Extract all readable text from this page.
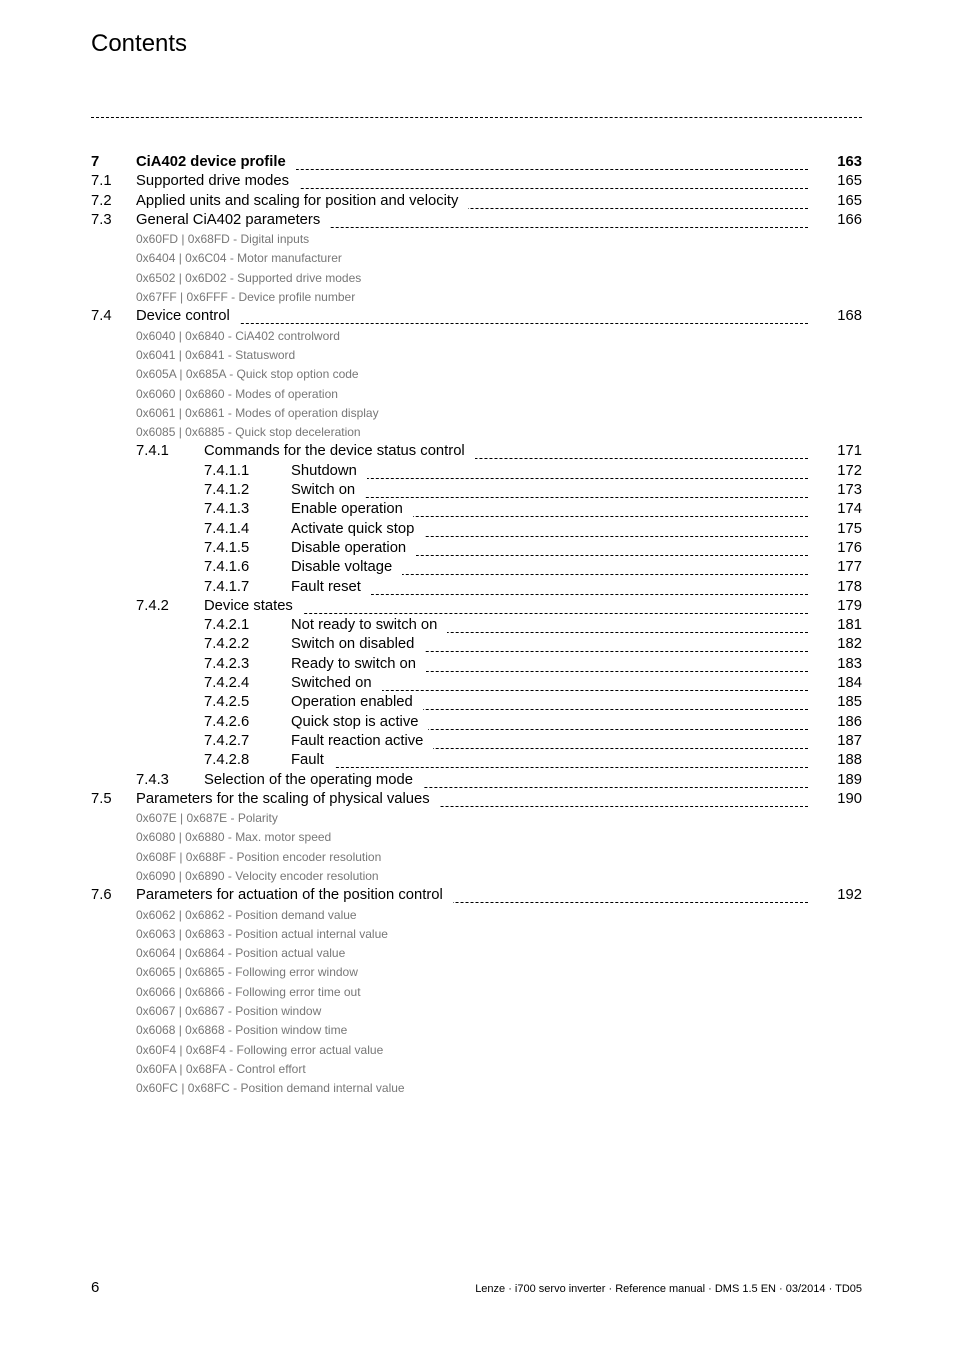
Contents
7 CiA402 device profile	163
7.1 Supported drive modes	165
7.2 Applied units and scaling for position and velocity	165
7.3 General CiA402 parameters	166
0x60FD | 0x68FD - Digital inputs
0x6404 | 0x6C04 - Motor manufacturer
0x6502 | 0x6D02 - Supported drive modes
0x67FF | 0x6FFF - Device profile number
7.4 Device control	168
0x6040 | 0x6840 - CiA402 controlword
0x6041 | 0x6841 - Statusword
0x605A | 0x685A - Quick stop option code
0x6060 | 0x6860 - Modes of operation
0x6061 | 0x6861 - Modes of operation display
0x6085 | 0x6885 - Quick stop deceleration
7.4.1 Commands for the device status control	171
7.4.1.1	Shutdown	172
7.4.1.2	Switch on	173
7.4.1.3	Enable operation	174
7.4.1.4	Activate quick stop	175
7.4.1.5	Disable operation	176
7.4.1.6	Disable voltage	177
7.4.1.7	Fault reset	178
7.4.2 Device states	179
7.4.2.1	Not ready to switch on	181
7.4.2.2	Switch on disabled	182
7.4.2.3	Ready to switch on	183
7.4.2.4	Switched on	184
7.4.2.5	Operation enabled	185
7.4.2.6	Quick stop is active	186
7.4.2.7	Fault reaction active	187
7.4.2.8	Fault	188
7.4.3 Selection of the operating mode	189
7.5 Parameters for the scaling of physical values	190
0x607E | 0x687E - Polarity
0x6080 | 0x6880 - Max. motor speed
0x608F | 0x688F - Position encoder resolution
0x6090 | 0x6890 - Velocity encoder resolution
7.6 Parameters for actuation of the position control	192
0x6062 | 0x6862 - Position demand value
0x6063 | 0x6863 - Position actual internal value
0x6064 | 0x6864 - Position actual value
0x6065 | 0x6865 - Following error window
0x6066 | 0x6866 - Following error time out
0x6067 | 0x6867 - Position window
0x6068 | 0x6868 - Position window time
0x60F4 | 0x68F4 - Following error actual value
0x60FA | 0x68FA - Control effort
0x60FC | 0x68FC - Position demand internal value
6	Lenze · i700 servo inverter · Reference manual · DMS 1.5 EN · 03/2014 · TD05
